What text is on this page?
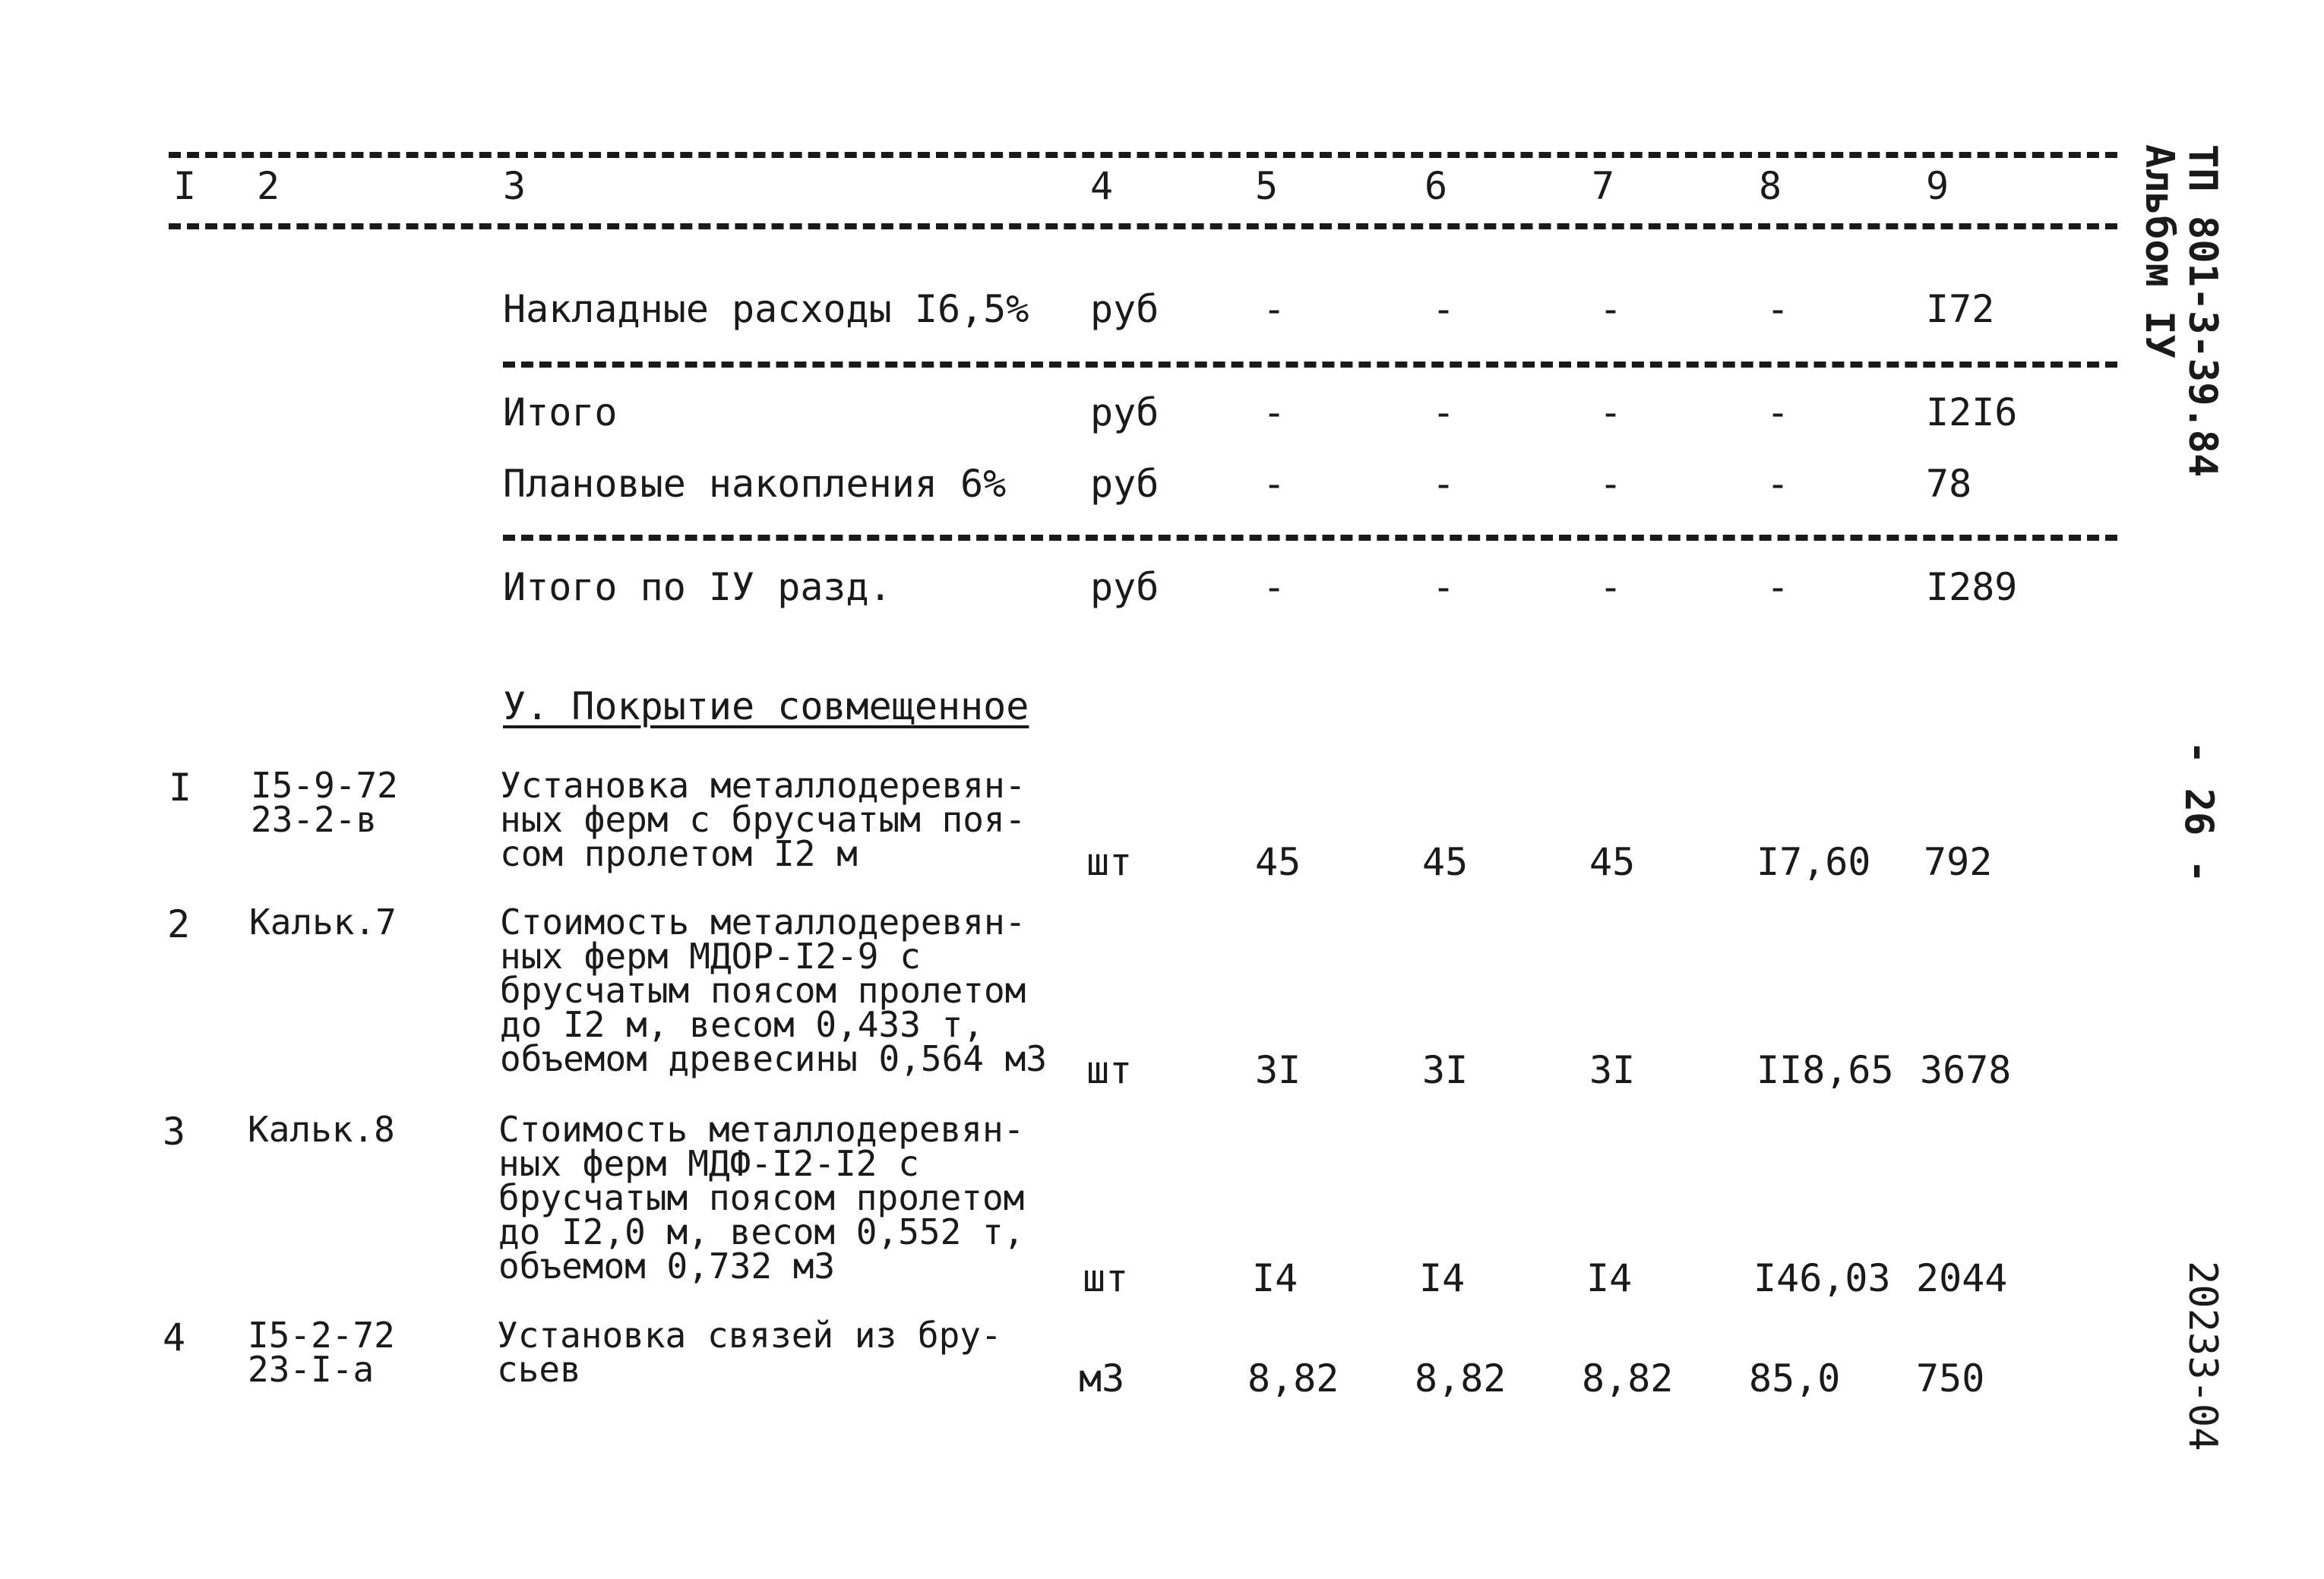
I 2	3	4	5	6	7	8	9
Накладные расходы I6,5% руб	-	-	-	-	I72
Итого	руб	-	-	-	-	I2I6
Плановые накопления 6% руб	-	-	-	-	78
Итого по IУ разд.	руб	-	-	-	-	I289
У. Покрытие совмещенное
I I5-9-72
23-2-в
Установка металлодеревян-
ных ферм с брусчатым поя-
сом пролетом I2 м	шт	45	45	45	I7,60 792
2 Кальк.7	Стоимость металлодеревян-
ных ферм МДОР-I2-9 с
брусчатым поясом пролетом
до I2 м, весом 0,433 т,
объемом древесины 0,564 м3 шт	3I	3I	3I	II8,65 3678
3 Кальк.8	Стоимость металлодеревян-
ных ферм МДФ-I2-I2 с
брусчатым поясом пролетом
до I2,0 м, весом 0,552 т,
объемом 0,732 м3	шт	I4	I4	I4	I46,03 2044
4 I5-2-72
23-I-а
Установка связей из бру-
сьев	м3	8,82 8,82 8,82 85,0 750
ТП 801-3-39.84
Альбом IУ
- 26 -
20233-04
